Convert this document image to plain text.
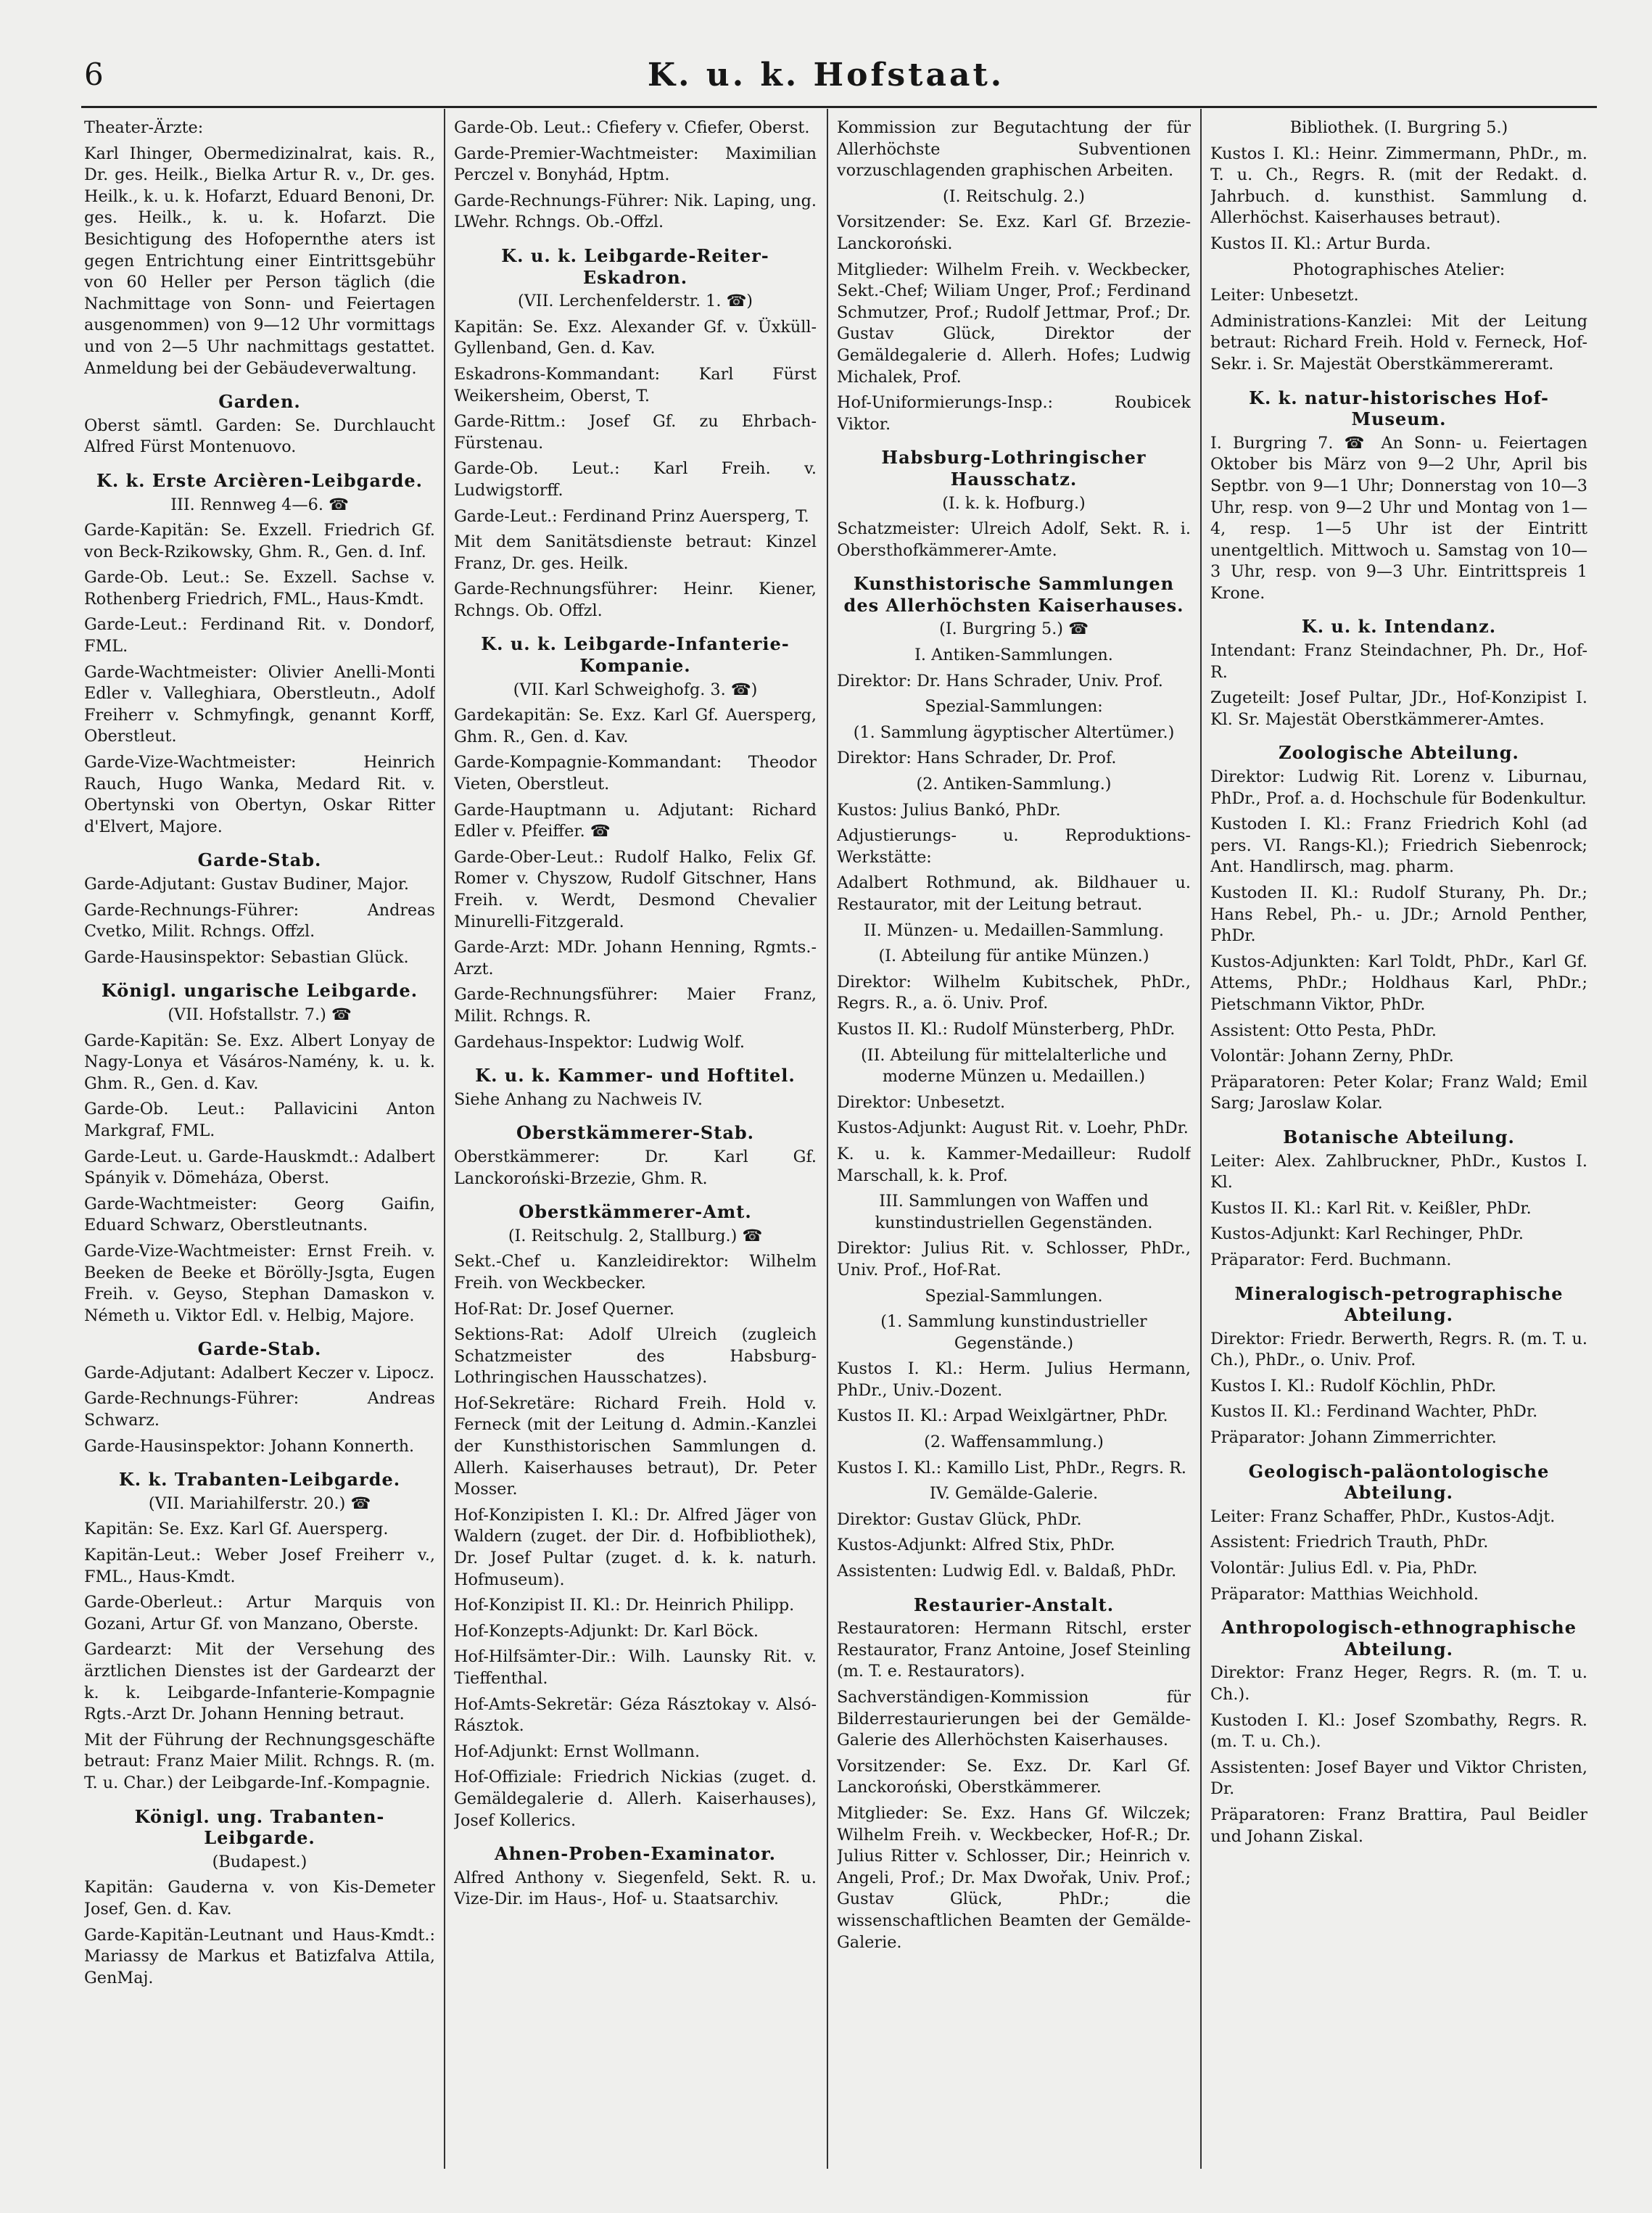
6	K. u. k. Hofstaat.

Theater-Ärzte:

Karl Ihinger, Obermedizinalrat, kais. R., Dr. ges. Heilk., Bielka Artur R. v., Dr. ges. Heilk., k. u. k. Hofarzt, Eduard Benoni, Dr. ges. Heilk., k. u. k. Hofarzt. Die Besichtigung des Hofopernthe aters ist gegen Entrichtung einer Eintrittsgebühr von 60 Heller per Person täglich (die Nachmittage von Sonn- und Feiertagen ausgenommen) von 9—12 Uhr vormittags und von 2—5 Uhr nachmittags gestattet. Anmeldung bei der Gebäudeverwaltung.

Garden.

Oberst sämtl. Garden: Se. Durchlaucht Alfred Fürst Montenuovo.

K. k. Erste Arcièren-Leibgarde.
III. Rennweg 4—6. ☎

Garde-Kapitän: Se. Exzell. Friedrich Gf. von Beck-Rzikowsky, Ghm. R., Gen. d. Inf.

Garde-Ob. Leut.: Se. Exzell. Sachse v. Rothenberg Friedrich, FML., Haus-Kmdt.

Garde-Leut.: Ferdinand Rit. v. Dondorf, FML.

Garde-Wachtmeister: Olivier Anelli-Monti Edler v. Valleghiara, Oberstleutn., Adolf Freiherr v. Schmyfingk, genannt Korff, Oberstleut.

Garde-Vize-Wachtmeister: Heinrich Rauch, Hugo Wanka, Medard Rit. v. Obertynski von Obertyn, Oskar Ritter d'Elvert, Majore.

Garde-Stab.

Garde-Adjutant: Gustav Budiner, Major.

Garde-Rechnungs-Führer: Andreas Cvetko, Milit. Rchngs. Offzl.

Garde-Hausinspektor: Sebastian Glück.

Königl. ungarische Leibgarde.
(VII. Hofstallstr. 7.) ☎

Garde-Kapitän: Se. Exz. Albert Lonyay de Nagy-Lonya et Vásáros-Namény, k. u. k. Ghm. R., Gen. d. Kav.

Garde-Ob. Leut.: Pallavicini Anton Markgraf, FML.

Garde-Leut. u. Garde-Hauskmdt.: Adalbert Spányik v. Dömeháza, Oberst.

Garde-Wachtmeister: Georg Gaifin, Eduard Schwarz, Oberstleutnants.

Garde-Vize-Wachtmeister: Ernst Freih. v. Beeken de Beeke et Börölly-Jsgta, Eugen Freih. v. Geyso, Stephan Damaskon v. Németh u. Viktor Edl. v. Helbig, Majore.

Garde-Stab.

Garde-Adjutant: Adalbert Keczer v. Lipocz.

Garde-Rechnungs-Führer: Andreas Schwarz.

Garde-Hausinspektor: Johann Konnerth.

K. k. Trabanten-Leibgarde.
(VII. Mariahilferstr. 20.) ☎

Kapitän: Se. Exz. Karl Gf. Auersperg.

Kapitän-Leut.: Weber Josef Freiherr v., FML., Haus-Kmdt.

Garde-Oberleut.: Artur Marquis von Gozani, Artur Gf. von Manzano, Oberste.

Gardearzt: Mit der Versehung des ärztlichen Dienstes ist der Gardearzt der k. k. Leibgarde-Infanterie-Kompagnie Rgts.-Arzt Dr. Johann Henning betraut.

Mit der Führung der Rechnungsgeschäfte betraut: Franz Maier Milit. Rchngs. R. (m. T. u. Char.) der Leibgarde-Inf.-Kompagnie.

Königl. ung. Trabanten-Leibgarde.
(Budapest.)

Kapitän: Gauderna v. von Kis-Demeter Josef, Gen. d. Kav.

Garde-Kapitän-Leutnant und Haus-Kmdt.: Mariassy de Markus et Batizfalva Attila, GenMaj.

Garde-Ob. Leut.: Cfiefery v. Cfiefer, Oberst.

Garde-Premier-Wachtmeister: Maximilian Perczel v. Bonyhád, Hptm.

Garde-Rechnungs-Führer: Nik. Laping, ung. LWehr. Rchngs. Ob.-Offzl.

K. u. k. Leibgarde-Reiter-Eskadron.
(VII. Lerchenfelderstr. 1. ☎)

Kapitän: Se. Exz. Alexander Gf. v. Üxküll-Gyllenband, Gen. d. Kav.

Eskadrons-Kommandant: Karl Fürst Weikersheim, Oberst, T.

Garde-Rittm.: Josef Gf. zu Ehrbach-Fürstenau.

Garde-Ob. Leut.: Karl Freih. v. Ludwigstorff.

Garde-Leut.: Ferdinand Prinz Auersperg, T.

Mit dem Sanitätsdienste betraut: Kinzel Franz, Dr. ges. Heilk.

Garde-Rechnungsführer: Heinr. Kiener, Rchngs. Ob. Offzl.

K. u. k. Leibgarde-Infanterie-Kompanie.
(VII. Karl Schweighofg. 3. ☎)

Gardekapitän: Se. Exz. Karl Gf. Auersperg, Ghm. R., Gen. d. Kav.

Garde-Kompagnie-Kommandant: Theodor Vieten, Oberstleut.

Garde-Hauptmann u. Adjutant: Richard Edler v. Pfeiffer. ☎

Garde-Ober-Leut.: Rudolf Halko, Felix Gf. Romer v. Chyszow, Rudolf Gitschner, Hans Freih. v. Werdt, Desmond Chevalier Minurelli-Fitzgerald.

Garde-Arzt: MDr. Johann Henning, Rgmts.-Arzt.

Garde-Rechnungsführer: Maier Franz, Milit. Rchngs. R.

Gardehaus-Inspektor: Ludwig Wolf.

K. u. k. Kammer- und Hoftitel.

Siehe Anhang zu Nachweis IV.

Oberstkämmerer-Stab.

Oberstkämmerer: Dr. Karl Gf. Lanckoroński-Brzezie, Ghm. R.

Oberstkämmerer-Amt.
(I. Reitschulg. 2, Stallburg.) ☎

Sekt.-Chef u. Kanzleidirektor: Wilhelm Freih. von Weckbecker.

Hof-Rat: Dr. Josef Querner.

Sektions-Rat: Adolf Ulreich (zugleich Schatzmeister des Habsburg-Lothringischen Hausschatzes).

Hof-Sekretäre: Richard Freih. Hold v. Ferneck (mit der Leitung d. Admin.-Kanzlei der Kunsthistorischen Sammlungen d. Allerh. Kaiserhauses betraut), Dr. Peter Mosser.

Hof-Konzipisten I. Kl.: Dr. Alfred Jäger von Waldern (zuget. der Dir. d. Hofbibliothek), Dr. Josef Pultar (zuget. d. k. k. naturh. Hofmuseum).

Hof-Konzipist II. Kl.: Dr. Heinrich Philipp.

Hof-Konzepts-Adjunkt: Dr. Karl Böck.

Hof-Hilfsämter-Dir.: Wilh. Launsky Rit. v. Tieffenthal.

Hof-Amts-Sekretär: Géza Rásztokay v. Alsó-Rásztok.

Hof-Adjunkt: Ernst Wollmann.

Hof-Offiziale: Friedrich Nickias (zuget. d. Gemäldegalerie d. Allerh. Kaiserhauses), Josef Kollerics.

Ahnen-Proben-Examinator.

Alfred Anthony v. Siegenfeld, Sekt. R. u. Vize-Dir. im Haus-, Hof- u. Staatsarchiv.

Kommission zur Begutachtung der für Allerhöchste Subventionen vorzuschlagenden graphischen Arbeiten.

(I. Reitschulg. 2.)

Vorsitzender: Se. Exz. Karl Gf. Brzezie-Lanckoroński.

Mitglieder: Wilhelm Freih. v. Weckbecker, Sekt.-Chef; Wiliam Unger, Prof.; Ferdinand Schmutzer, Prof.; Rudolf Jettmar, Prof.; Dr. Gustav Glück, Direktor der Gemäldegalerie d. Allerh. Hofes; Ludwig Michalek, Prof.

Hof-Uniformierungs-Insp.: Roubicek Viktor.

Habsburg-Lothringischer Hausschatz.
(I. k. k. Hofburg.)

Schatzmeister: Ulreich Adolf, Sekt. R. i. Obersthofkämmerer-Amte.

Kunsthistorische Sammlungen des Allerhöchsten Kaiserhauses.
(I. Burgring 5.) ☎
I. Antiken-Sammlungen.

Direktor: Dr. Hans Schrader, Univ. Prof.

Spezial-Sammlungen:
(1. Sammlung ägyptischer Altertümer.)

Direktor: Hans Schrader, Dr. Prof.

(2. Antiken-Sammlung.)

Kustos: Julius Bankó, PhDr.

Adjustierungs- u. Reproduktions-Werkstätte:

Adalbert Rothmund, ak. Bildhauer u. Restaurator, mit der Leitung betraut.

II. Münzen- u. Medaillen-Sammlung.
(I. Abteilung für antike Münzen.)

Direktor: Wilhelm Kubitschek, PhDr., Regrs. R., a. ö. Univ. Prof.

Kustos II. Kl.: Rudolf Münsterberg, PhDr.

(II. Abteilung für mittelalterliche und moderne Münzen u. Medaillen.)

Direktor: Unbesetzt.

Kustos-Adjunkt: August Rit. v. Loehr, PhDr.

K. u. k. Kammer-Medailleur: Rudolf Marschall, k. k. Prof.

III. Sammlungen von Waffen und kunstindustriellen Gegenständen.

Direktor: Julius Rit. v. Schlosser, PhDr., Univ. Prof., Hof-Rat.

Spezial-Sammlungen.
(1. Sammlung kunstindustrieller Gegenstände.)

Kustos I. Kl.: Herm. Julius Hermann, PhDr., Univ.-Dozent.

Kustos II. Kl.: Arpad Weixlgärtner, PhDr.

(2. Waffensammlung.)

Kustos I. Kl.: Kamillo List, PhDr., Regrs. R.

IV. Gemälde-Galerie.

Direktor: Gustav Glück, PhDr.

Kustos-Adjunkt: Alfred Stix, PhDr.

Assistenten: Ludwig Edl. v. Baldaß, PhDr.

Restaurier-Anstalt.

Restauratoren: Hermann Ritschl, erster Restaurator, Franz Antoine, Josef Steinling (m. T. e. Restaurators).

Sachverständigen-Kommission für Bilderrestaurierungen bei der Gemälde-Galerie des Allerhöchsten Kaiserhauses.

Vorsitzender: Se. Exz. Dr. Karl Gf. Lanckoroński, Oberstkämmerer.

Mitglieder: Se. Exz. Hans Gf. Wilczek; Wilhelm Freih. v. Weckbecker, Hof-R.; Dr. Julius Ritter v. Schlosser, Dir.; Heinrich v. Angeli, Prof.; Dr. Max Dwořak, Univ. Prof.; Gustav Glück, PhDr.; die wissenschaftlichen Beamten der Gemälde-Galerie.

Bibliothek. (I. Burgring 5.)

Kustos I. Kl.: Heinr. Zimmermann, PhDr., m. T. u. Ch., Regrs. R. (mit der Redakt. d. Jahrbuch. d. kunsthist. Sammlung d. Allerhöchst. Kaiserhauses betraut).

Kustos II. Kl.: Artur Burda.

Photographisches Atelier:

Leiter: Unbesetzt.

Administrations-Kanzlei: Mit der Leitung betraut: Richard Freih. Hold v. Ferneck, Hof-Sekr. i. Sr. Majestät Oberstkämmereramt.

K. k. natur-historisches Hof-Museum.

I. Burgring 7. ☎ An Sonn- u. Feiertagen Oktober bis März von 9—2 Uhr, April bis Septbr. von 9—1 Uhr; Donnerstag von 10—3 Uhr, resp. von 9—2 Uhr und Montag von 1—4, resp. 1—5 Uhr ist der Eintritt unentgeltlich. Mittwoch u. Samstag von 10—3 Uhr, resp. von 9—3 Uhr. Eintrittspreis 1 Krone.

K. u. k. Intendanz.

Intendant: Franz Steindachner, Ph. Dr., Hof-R.

Zugeteilt: Josef Pultar, JDr., Hof-Konzipist I. Kl. Sr. Majestät Oberstkämmerer-Amtes.

Zoologische Abteilung.

Direktor: Ludwig Rit. Lorenz v. Liburnau, PhDr., Prof. a. d. Hochschule für Bodenkultur.

Kustoden I. Kl.: Franz Friedrich Kohl (ad pers. VI. Rangs-Kl.); Friedrich Siebenrock; Ant. Handlirsch, mag. pharm.

Kustoden II. Kl.: Rudolf Sturany, Ph. Dr.; Hans Rebel, Ph.- u. JDr.; Arnold Penther, PhDr.

Kustos-Adjunkten: Karl Toldt, PhDr., Karl Gf. Attems, PhDr.; Holdhaus Karl, PhDr.; Pietschmann Viktor, PhDr.

Assistent: Otto Pesta, PhDr.

Volontär: Johann Zerny, PhDr.

Präparatoren: Peter Kolar; Franz Wald; Emil Sarg; Jaroslaw Kolar.

Botanische Abteilung.

Leiter: Alex. Zahlbruckner, PhDr., Kustos I. Kl.

Kustos II. Kl.: Karl Rit. v. Keißler, PhDr.

Kustos-Adjunkt: Karl Rechinger, PhDr.

Präparator: Ferd. Buchmann.

Mineralogisch-petrographische Abteilung.

Direktor: Friedr. Berwerth, Regrs. R. (m. T. u. Ch.), PhDr., o. Univ. Prof.

Kustos I. Kl.: Rudolf Köchlin, PhDr.

Kustos II. Kl.: Ferdinand Wachter, PhDr.

Präparator: Johann Zimmerrichter.

Geologisch-paläontologische Abteilung.

Leiter: Franz Schaffer, PhDr., Kustos-Adjt.

Assistent: Friedrich Trauth, PhDr.

Volontär: Julius Edl. v. Pia, PhDr.

Präparator: Matthias Weichhold.

Anthropologisch-ethnographische Abteilung.

Direktor: Franz Heger, Regrs. R. (m. T. u. Ch.).

Kustoden I. Kl.: Josef Szombathy, Regrs. R. (m. T. u. Ch.).

Assistenten: Josef Bayer und Viktor Christen, Dr.

Präparatoren: Franz Brattira, Paul Beidler und Johann Ziskal.
